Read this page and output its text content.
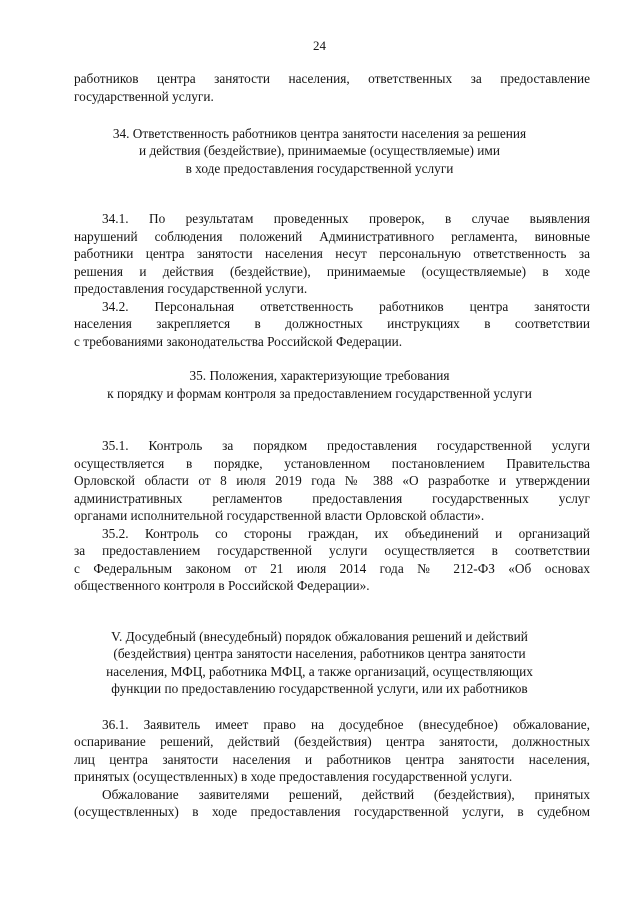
24
работников центра занятости населения, ответственных за предоставление
государственной услуги.
34. Ответственность работников центра занятости населения за решения
и действия (бездействие), принимаемые (осуществляемые) ими
в ходе предоставления государственной услуги
34.1. По результатам проведенных проверок, в случае выявления
нарушений соблюдения положений Административного регламента, виновные
работники центра занятости населения несут персональную ответственность за
решения и действия (бездействие), принимаемые (осуществляемые) в ходе
предоставления государственной услуги.
34.2. Персональная ответственность работников центра занятости
населения закрепляется в должностных инструкциях в соответствии
с требованиями законодательства Российской Федерации.
35. Положения, характеризующие требования
к порядку и формам контроля за предоставлением государственной услуги
35.1. Контроль за порядком предоставления государственной услуги
осуществляется в порядке, установленном постановлением Правительства
Орловской области от 8 июля 2019 года № 388 «О разработке и утверждении
административных регламентов предоставления государственных услуг
органами исполнительной государственной власти Орловской области».
35.2. Контроль со стороны граждан, их объединений и организаций
за предоставлением государственной услуги осуществляется в соответствии
с Федеральным законом от 21 июля 2014 года № 212-ФЗ «Об основах
общественного контроля в Российской Федерации».
V. Досудебный (внесудебный) порядок обжалования решений и действий
(бездействия) центра занятости населения, работников центра занятости
населения, МФЦ, работника МФЦ, а также организаций, осуществляющих
функции по предоставлению государственной услуги, или их работников
36.1. Заявитель имеет право на досудебное (внесудебное) обжалование,
оспаривание решений, действий (бездействия) центра занятости, должностных
лиц центра занятости населения и работников центра занятости населения,
принятых (осуществленных) в ходе предоставления государственной услуги.
Обжалование заявителями решений, действий (бездействия), принятых
(осуществленных) в ходе предоставления государственной услуги, в судебном
